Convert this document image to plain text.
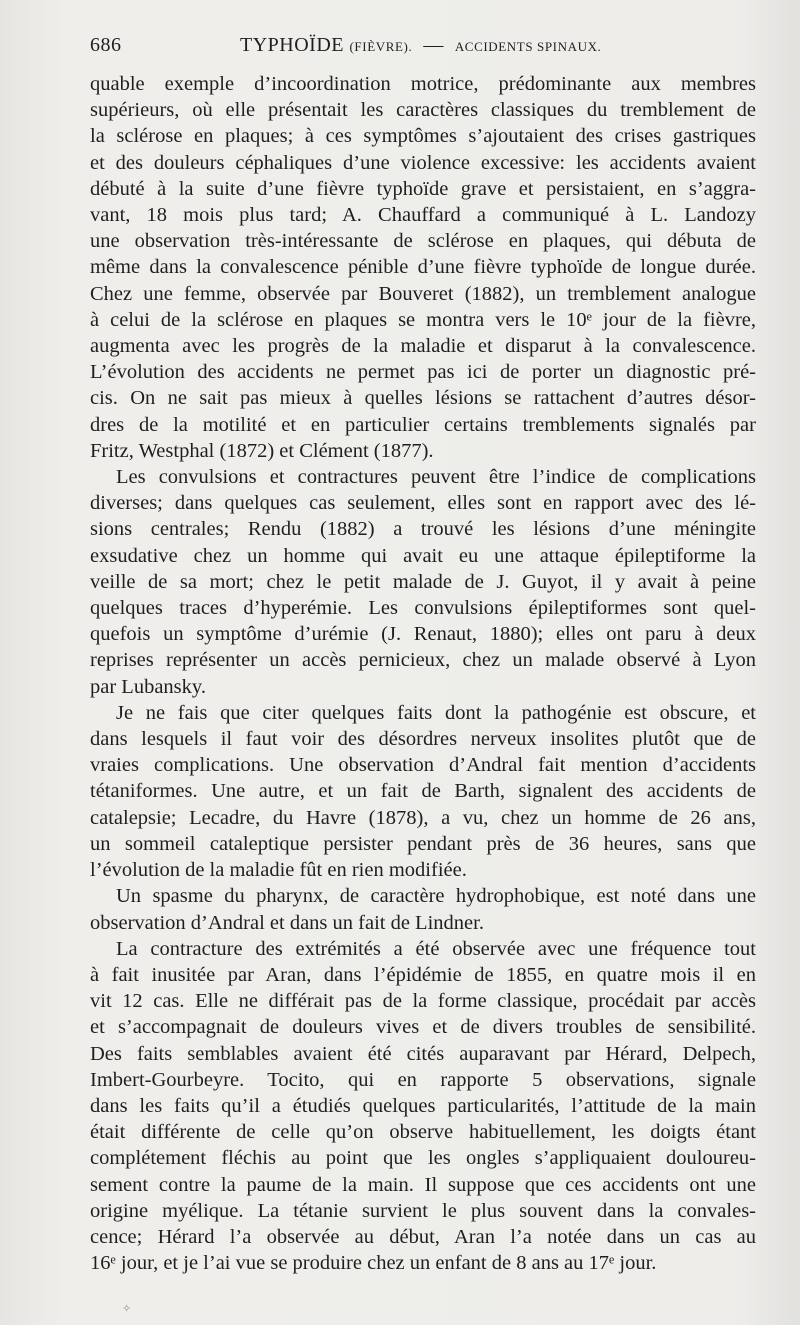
686	TYPHOÏDE (FIÈVRE). — ACCIDENTS SPINAUX.

quable exemple d’incoordination motrice, prédominante aux membres
supérieurs, où elle présentait les caractères classiques du tremblement de
la sclérose en plaques; à ces symptômes s’ajoutaient des crises gastriques
et des douleurs céphaliques d’une violence excessive: les accidents avaient
débuté à la suite d’une fièvre typhoïde grave et persistaient, en s’aggra-
vant, 18 mois plus tard; A. Chauffard a communiqué à L. Landozy
une observation très-intéressante de sclérose en plaques, qui débuta de
même dans la convalescence pénible d’une fièvre typhoïde de longue durée.
Chez une femme, observée par Bouveret (1882), un tremblement analogue
à celui de la sclérose en plaques se montra vers le 10ᵉ jour de la fièvre,
augmenta avec les progrès de la maladie et disparut à la convalescence.
L’évolution des accidents ne permet pas ici de porter un diagnostic pré-
cis. On ne sait pas mieux à quelles lésions se rattachent d’autres désor-
dres de la motilité et en particulier certains tremblements signalés par
Fritz, Westphal (1872) et Clément (1877).

Les convulsions et contractures peuvent être l’indice de complications
diverses; dans quelques cas seulement, elles sont en rapport avec des lé-
sions centrales; Rendu (1882) a trouvé les lésions d’une méningite
exsudative chez un homme qui avait eu une attaque épileptiforme la
veille de sa mort; chez le petit malade de J. Guyot, il y avait à peine
quelques traces d’hyperémie. Les convulsions épileptiformes sont quel-
quefois un symptôme d’urémie (J. Renaut, 1880); elles ont paru à deux
reprises représenter un accès pernicieux, chez un malade observé à Lyon
par Lubansky.

Je ne fais que citer quelques faits dont la pathogénie est obscure, et
dans lesquels il faut voir des désordres nerveux insolites plutôt que de
vraies complications. Une observation d’Andral fait mention d’accidents
tétaniformes. Une autre, et un fait de Barth, signalent des accidents de
catalepsie; Lecadre, du Havre (1878), a vu, chez un homme de 26 ans,
un sommeil cataleptique persister pendant près de 36 heures, sans que
l’évolution de la maladie fût en rien modifiée.

Un spasme du pharynx, de caractère hydrophobique, est noté dans une
observation d’Andral et dans un fait de Lindner.

La contracture des extrémités a été observée avec une fréquence tout
à fait inusitée par Aran, dans l’épidémie de 1855, en quatre mois il en
vit 12 cas. Elle ne différait pas de la forme classique, procédait par accès
et s’accompagnait de douleurs vives et de divers troubles de sensibilité.
Des faits semblables avaient été cités auparavant par Hérard, Delpech,
Imbert-Gourbeyre. Tocito, qui en rapporte 5 observations, signale
dans les faits qu’il a étudiés quelques particularités, l’attitude de la main
était différente de celle qu’on observe habituellement, les doigts étant
complétement fléchis au point que les ongles s’appliquaient douloureu-
sement contre la paume de la main. Il suppose que ces accidents ont une
origine myélique. La tétanie survient le plus souvent dans la convales-
cence; Hérard l’a observée au début, Aran l’a notée dans un cas au
16ᵉ jour, et je l’ai vue se produire chez un enfant de 8 ans au 17ᵉ jour.

✧
